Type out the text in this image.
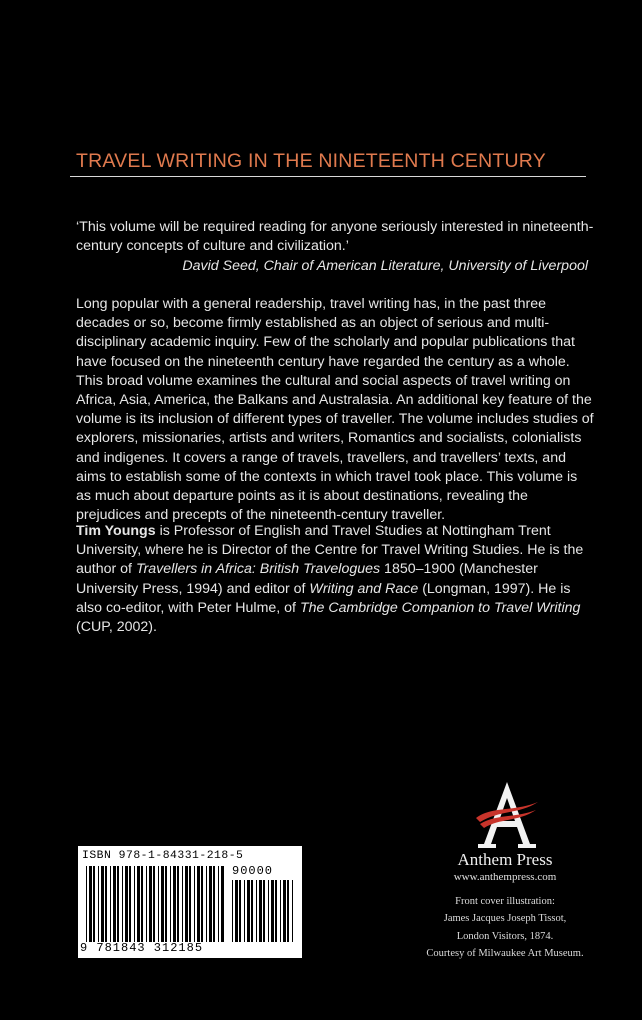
TRAVEL WRITING IN THE NINETEENTH CENTURY
‘This volume will be required reading for anyone seriously interested in nineteenth-century concepts of culture and civilization.’
David Seed, Chair of American Literature, University of Liverpool
Long popular with a general readership, travel writing has, in the past three decades or so, become firmly established as an object of serious and multi-disciplinary academic inquiry. Few of the scholarly and popular publications that have focused on the nineteenth century have regarded the century as a whole. This broad volume examines the cultural and social aspects of travel writing on Africa, Asia, America, the Balkans and Australasia. An additional key feature of the volume is its inclusion of different types of traveller. The volume includes studies of explorers, missionaries, artists and writers, Romantics and socialists, colonialists and indigenes. It covers a range of travels, travellers, and travellers’ texts, and aims to establish some of the contexts in which travel took place. This volume is as much about departure points as it is about destinations, revealing the prejudices and precepts of the nineteenth-century traveller.
Tim Youngs is Professor of English and Travel Studies at Nottingham Trent University, where he is Director of the Centre for Travel Writing Studies. He is the author of Travellers in Africa: British Travelogues 1850–1900 (Manchester University Press, 1994) and editor of Writing and Race (Longman, 1997). He is also co-editor, with Peter Hulme, of The Cambridge Companion to Travel Writing (CUP, 2002).
ISBN 978-1-84331-218-5
90000
9 781843 312185
Anthem Press
www.anthempress.com
Front cover illustration:
James Jacques Joseph Tissot,
London Visitors, 1874.
Courtesy of Milwaukee Art Museum.
